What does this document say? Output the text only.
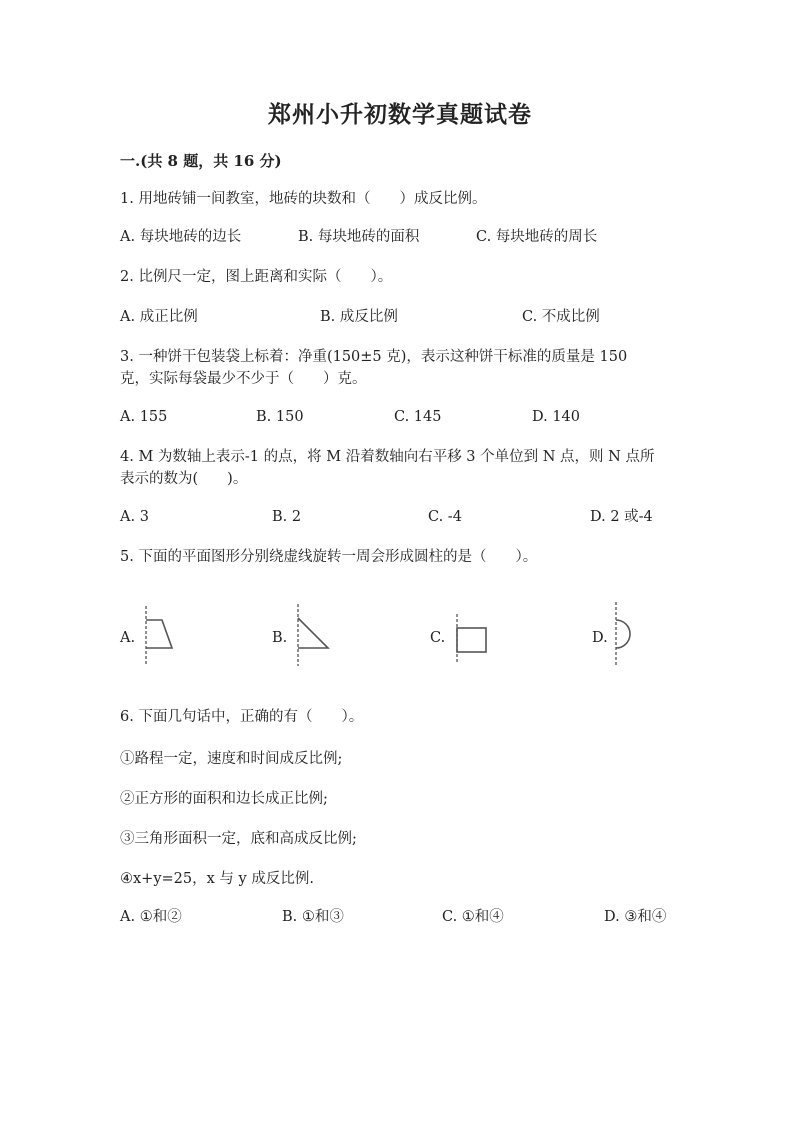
郑州小升初数学真题试卷
一.(共 8 题，共 16 分)
1. 用地砖铺一间教室，地砖的块数和（　　）成反比例。
A. 每块地砖的边长	B. 每块地砖的面积	C. 每块地砖的周长
2. 比例尺一定，图上距离和实际（　　）。
A. 成正比例	B. 成反比例	C. 不成比例
3. 一种饼干包装袋上标着：净重(150±5 克)，表示这种饼干标准的质量是 150
克，实际每袋最少不少于（　　）克。
A. 155	B. 150	C. 145	D. 140
4. M 为数轴上表示-1 的点，将 M 沿着数轴向右平移 3 个单位到 N 点，则 N 点所
表示的数为(　　)。
A. 3	B. 2	C. -4	D. 2 或-4
5. 下面的平面图形分别绕虚线旋转一周会形成圆柱的是（　　）。
A.	B.	C.	D.
6. 下面几句话中，正确的有（　　）。
①路程一定，速度和时间成反比例;
②正方形的面积和边长成正比例;
③三角形面积一定，底和高成反比例;
④x+y=25，x 与 y 成反比例.
A. ①和②	B. ①和③	C. ①和④	D. ③和④
